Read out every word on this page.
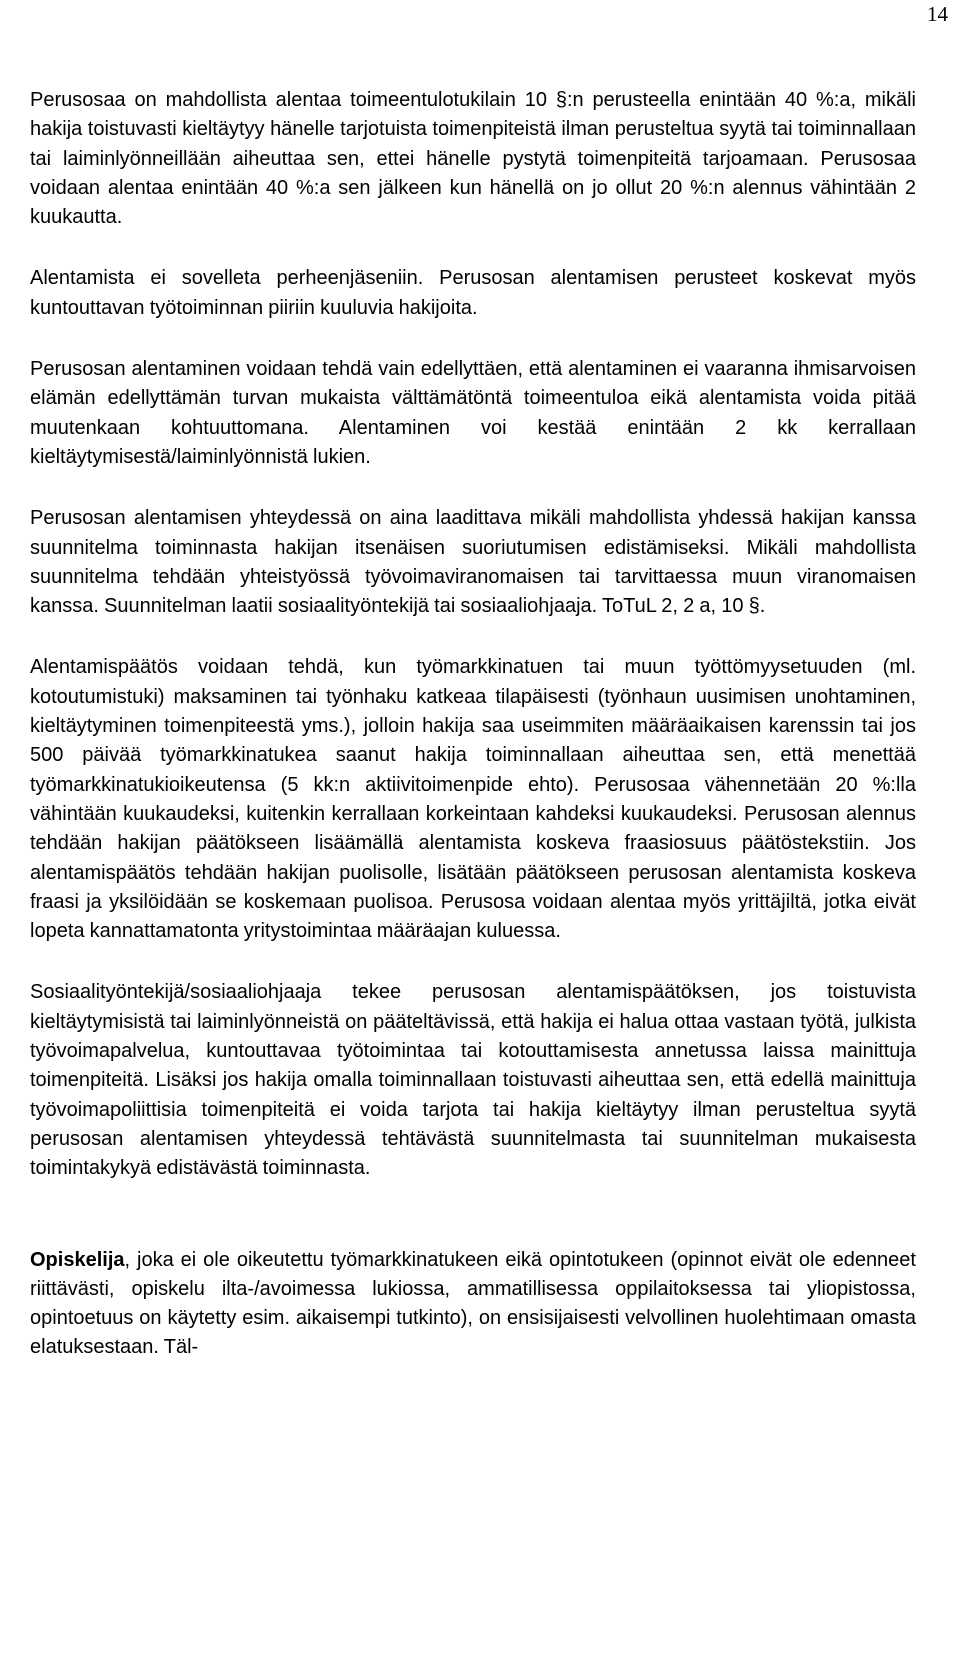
14

Perusosaa on mahdollista alentaa toimeentulotukilain 10 §:n perusteella enintään 40 %:a, mikäli hakija toistuvasti kieltäytyy hänelle tarjotuista toimenpiteistä ilman perusteltua syytä tai toiminnallaan tai laiminlyönneillään aiheuttaa sen, ettei hänelle pystytä toimenpiteitä tarjoamaan. Perusosaa voidaan alentaa enintään 40 %:a sen jälkeen kun hänellä on jo ollut 20 %:n alennus vähintään 2 kuukautta.

Alentamista ei sovelleta perheenjäseniin. Perusosan alentamisen perusteet koskevat myös kuntouttavan työtoiminnan piiriin kuuluvia hakijoita.

Perusosan alentaminen voidaan tehdä vain edellyttäen, että alentaminen ei vaaranna ihmisarvoisen elämän edellyttämän turvan mukaista välttämätöntä toimeentuloa eikä alentamista voida pitää muutenkaan kohtuuttomana. Alentaminen voi kestää enintään 2 kk kerrallaan kieltäytymisestä/laiminlyönnistä lukien.

Perusosan alentamisen yhteydessä on aina laadittava mikäli mahdollista yhdessä hakijan kanssa suunnitelma toiminnasta hakijan itsenäisen suoriutumisen edistämiseksi. Mikäli mahdollista suunnitelma tehdään yhteistyössä työvoimaviranomaisen tai tarvittaessa muun viranomaisen kanssa. Suunnitelman laatii sosiaalityöntekijä tai sosiaaliohjaaja. ToTuL 2, 2 a, 10 §.

Alentamispäätös voidaan tehdä, kun työmarkkinatuen tai muun työttömyysetuuden (ml. kotoutumistuki) maksaminen tai työnhaku katkeaa tilapäisesti (työnhaun uusimisen unohtaminen, kieltäytyminen toimenpiteestä yms.), jolloin hakija saa useimmiten määräaikaisen karenssin tai jos 500 päivää työmarkkinatukea saanut hakija toiminnallaan aiheuttaa sen, että menettää työmarkkinatukioikeutensa (5 kk:n aktiivitoimenpide ehto). Perusosaa vähennetään 20 %:lla vähintään kuukaudeksi, kuitenkin kerrallaan korkeintaan kahdeksi kuukaudeksi. Perusosan alennus tehdään hakijan päätökseen lisäämällä alentamista koskeva fraasiosuus päätöstekstiin. Jos alentamispäätös tehdään hakijan puolisolle, lisätään päätökseen perusosan alentamista koskeva fraasi ja yksilöidään se koskemaan puolisoa. Perusosa voidaan alentaa myös yrittäjiltä, jotka eivät lopeta kannattamatonta yritystoimintaa määräajan kuluessa.

Sosiaalityöntekijä/sosiaaliohjaaja tekee perusosan alentamispäätöksen, jos toistuvista kieltäytymisistä tai laiminlyönneistä on pääteltävissä, että hakija ei halua ottaa vastaan työtä, julkista työvoimapalvelua, kuntouttavaa työtoimintaa tai kotouttamisesta annetussa laissa mainittuja toimenpiteitä. Lisäksi jos hakija omalla toiminnallaan toistuvasti aiheuttaa sen, että edellä mainittuja työvoimapoliittisia toimenpiteitä ei voida tarjota tai hakija kieltäytyy ilman perusteltua syytä perusosan alentamisen yhteydessä tehtävästä suunnitelmasta tai suunnitelman mukaisesta toimintakykyä edistävästä toiminnasta.

Opiskelija, joka ei ole oikeutettu työmarkkinatukeen eikä opintotukeen (opinnot eivät ole edenneet riittävästi, opiskelu ilta-/avoimessa lukiossa, ammatillisessa oppilaitoksessa tai yliopistossa, opintoetuus on käytetty esim. aikaisempi tutkinto), on ensisijaisesti velvollinen huolehtimaan omasta elatuksestaan. Täl-
